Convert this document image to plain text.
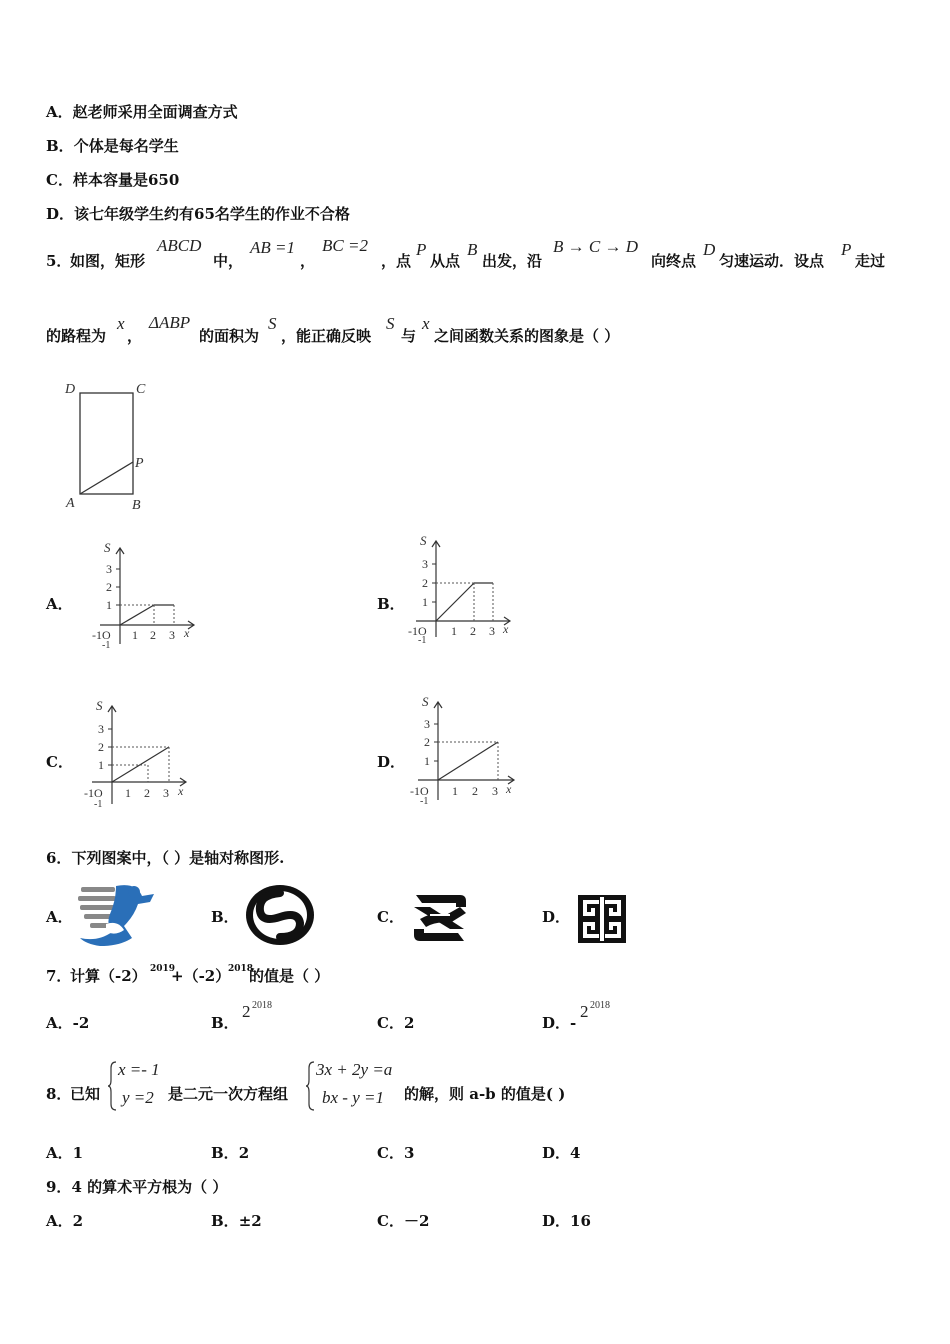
A．赵老师采用全面调查方式
B．个体是每名学生
C．样本容量是650
D．该七年级学生约有65名学生的作业不合格
5．
如图，矩形
ABCD
中，
AB =1
，
BC =2
，点
P
从点
B
出发，沿
B → C → D
向终点
D
匀速运动．设点
P
走过
的路程为
x
，
ΔABP
的面积为
S
，能正确反映
S
与
x
之间函数关系的图象是（ ）
D	C
A	B
P
A．	B．
C．	D．
S
1
2
3
-1O
-1
1 2 3 x
S
1
2
3
-1O
-1
1 2 3 x
S
1
2
3
-1O
-1
1 2 3 x
S
1
2
3
-1O
-1
1 2 3 x
6．下列图案中，（ ）是轴对称图形.
A．	B．	C．	D．
7．
计算（-2） 2019
+（-2）
2018
的值是（ ）
A．-2	B．
2 2018
C．2	D．-
2 2018
8．
已知
x =- 1
y =2 是二元一次方程组
3x + 2y =a
bx - y =1 的解，则 a-b 的值是( )
A．1	B．2	C．3	D．4
9．4 的算术平方根为（ ）
A．2	B．±2	C．－2	D．16
